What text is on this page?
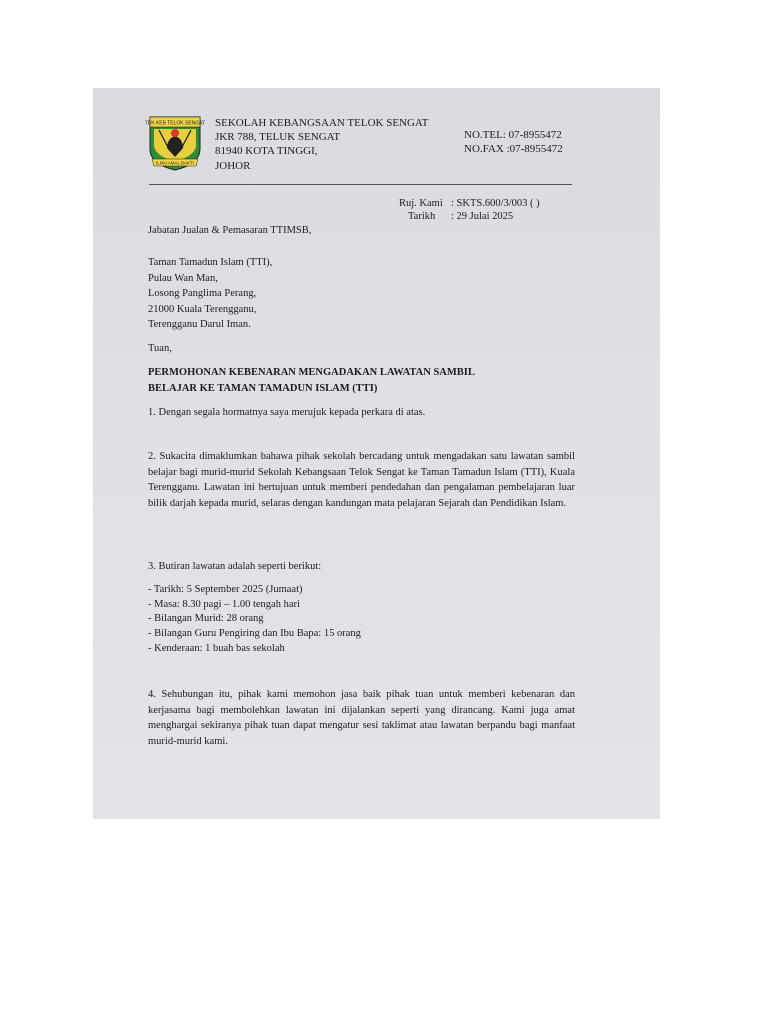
TEK KEB TELOK SENGAT
ILMU AMAL BAKTI
SEKOLAH KEBANGSAAN TELOK SENGAT
JKR 788, TELUK SENGAT
81940 KOTA TINGGI,
JOHOR
NO.TEL: 07-8955472
NO.FAX :07-8955472
Ruj. Kami : SKTS.600/3/003 ( )
Tarikh : 29 Julai 2025
Jabatan Jualan & Pemasaran TTIMSB,
Taman Tamadun Islam (TTI),
Pulau Wan Man,
Losong Panglima Perang,
21000 Kuala Terengganu,
Terengganu Darul Iman.
Tuan,
PERMOHONAN KEBENARAN MENGADAKAN LAWATAN SAMBIL
BELAJAR KE TAMAN TAMADUN ISLAM (TTI)
1. Dengan segala hormatnya saya merujuk kepada perkara di atas.
2. Sukacita dimaklumkan bahawa pihak sekolah bercadang untuk mengadakan satu lawatan sambil belajar bagi murid-murid Sekolah Kebangsaan Telok Sengat ke Taman Tamadun Islam (TTI), Kuala Terengganu. Lawatan ini bertujuan untuk memberi pendedahan dan pengalaman pembelajaran luar bilik darjah kepada murid, selaras dengan kandungan mata pelajaran Sejarah dan Pendidikan Islam.
3. Butiran lawatan adalah seperti berikut:
- Tarikh: 5 September 2025 (Jumaat)
- Masa: 8.30 pagi – 1.00 tengah hari
- Bilangan Murid: 28 orang
- Bilangan Guru Pengiring dan Ibu Bapa: 15 orang
- Kenderaan: 1 buah bas sekolah
4. Sehubungan itu, pihak kami memohon jasa baik pihak tuan untuk memberi kebenaran dan kerjasama bagi membolehkan lawatan ini dijalankan seperti yang dirancang. Kami juga amat menghargai sekiranya pihak tuan dapat mengatur sesi taklimat atau lawatan berpandu bagi manfaat murid-murid kami.
